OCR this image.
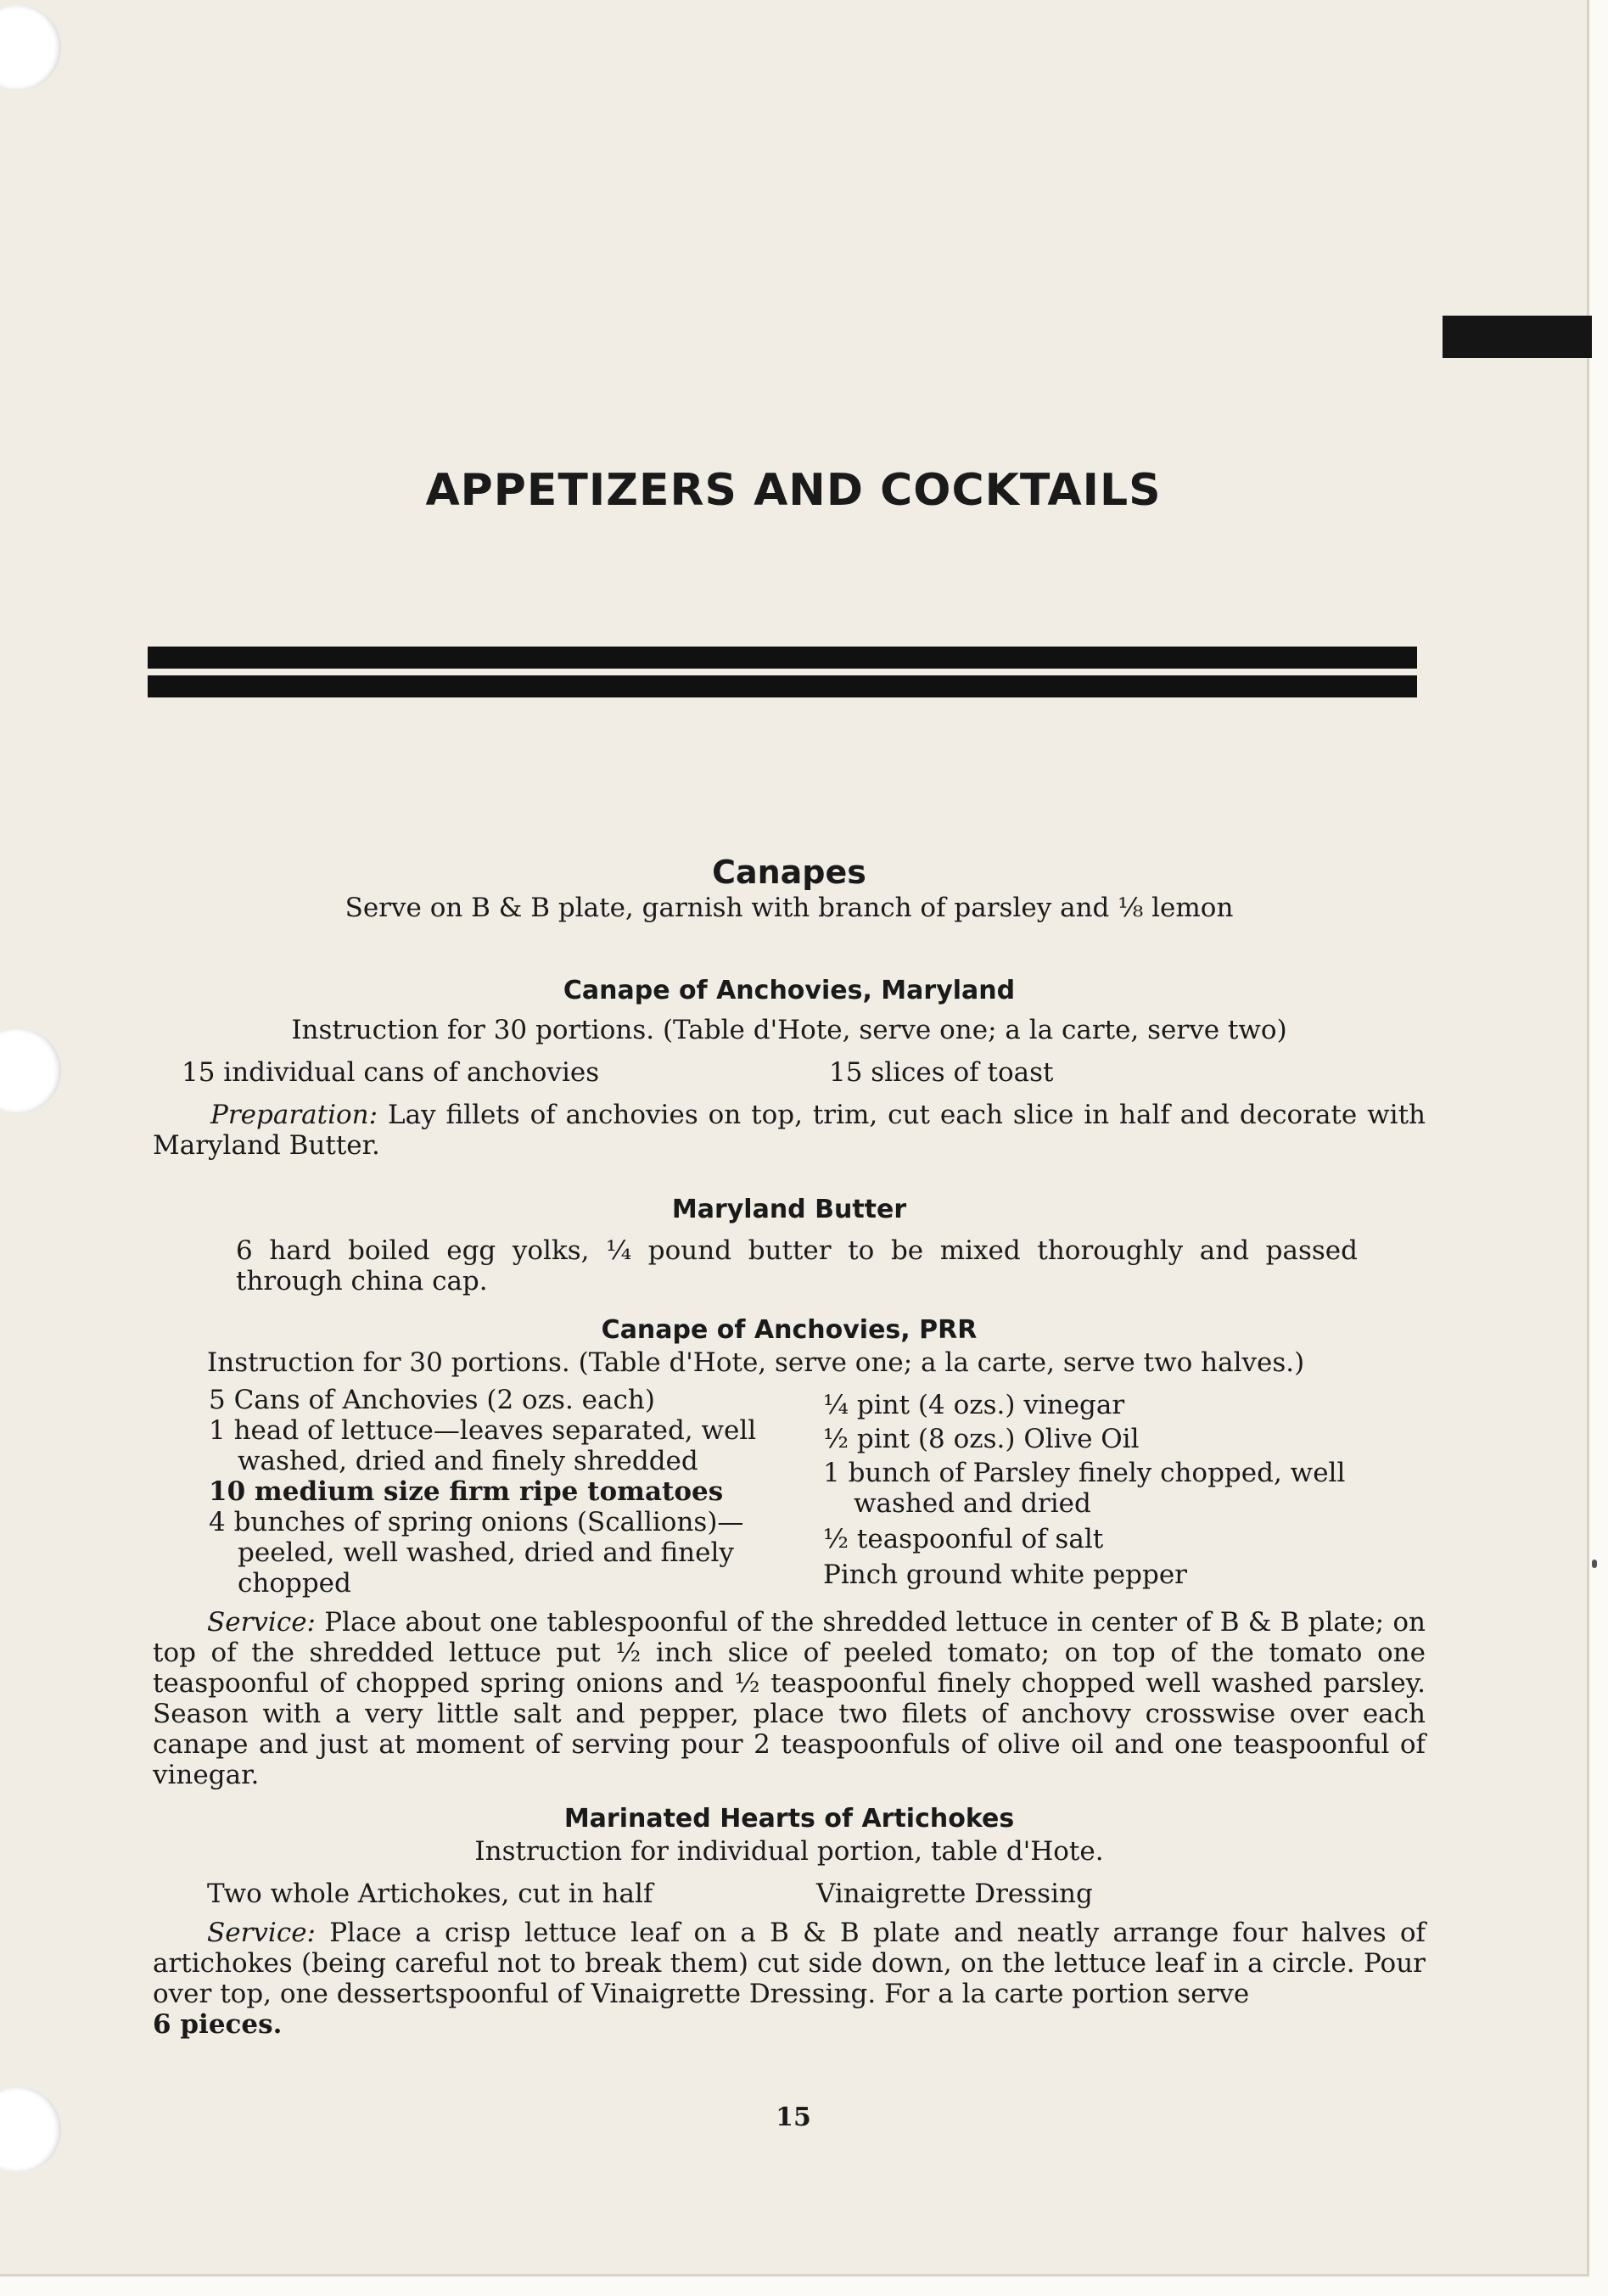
APPETIZERS AND COCKTAILS
Canapes
Serve on B & B plate, garnish with branch of parsley and ⅛ lemon
Canape of Anchovies, Maryland
Instruction for 30 portions. (Table d'Hote, serve one; a la carte, serve two)
15 individual cans of anchovies	15 slices of toast
Preparation: Lay fillets of anchovies on top, trim, cut each slice in half and decorate with Maryland Butter.
Maryland Butter
6 hard boiled egg yolks, ¼ pound butter to be mixed thoroughly and passed through china cap.
Canape of Anchovies, PRR
Instruction for 30 portions. (Table d'Hote, serve one; a la carte, serve two halves.)
5 Cans of Anchovies (2 ozs. each)
1 head of lettuce—leaves separated, well washed, dried and finely shredded
10 medium size firm ripe tomatoes
4 bunches of spring onions (Scallions)—peeled, well washed, dried and finely chopped
¼ pint (4 ozs.) vinegar
½ pint (8 ozs.) Olive Oil
1 bunch of Parsley finely chopped, well washed and dried
½ teaspoonful of salt
Pinch ground white pepper
Service: Place about one tablespoonful of the shredded lettuce in center of B & B plate; on top of the shredded lettuce put ½ inch slice of peeled tomato; on top of the tomato one teaspoonful of chopped spring onions and ½ teaspoonful finely chopped well washed parsley. Season with a very little salt and pepper, place two filets of anchovy crosswise over each canape and just at moment of serving pour 2 teaspoonfuls of olive oil and one teaspoonful of vinegar.
Marinated Hearts of Artichokes
Instruction for individual portion, table d'Hote.
Two whole Artichokes, cut in half	Vinaigrette Dressing
Service: Place a crisp lettuce leaf on a B & B plate and neatly arrange four halves of artichokes (being careful not to break them) cut side down, on the lettuce leaf in a circle. Pour over top, one dessertspoonful of Vinaigrette Dressing. For a la carte portion serve
6 pieces.
15
